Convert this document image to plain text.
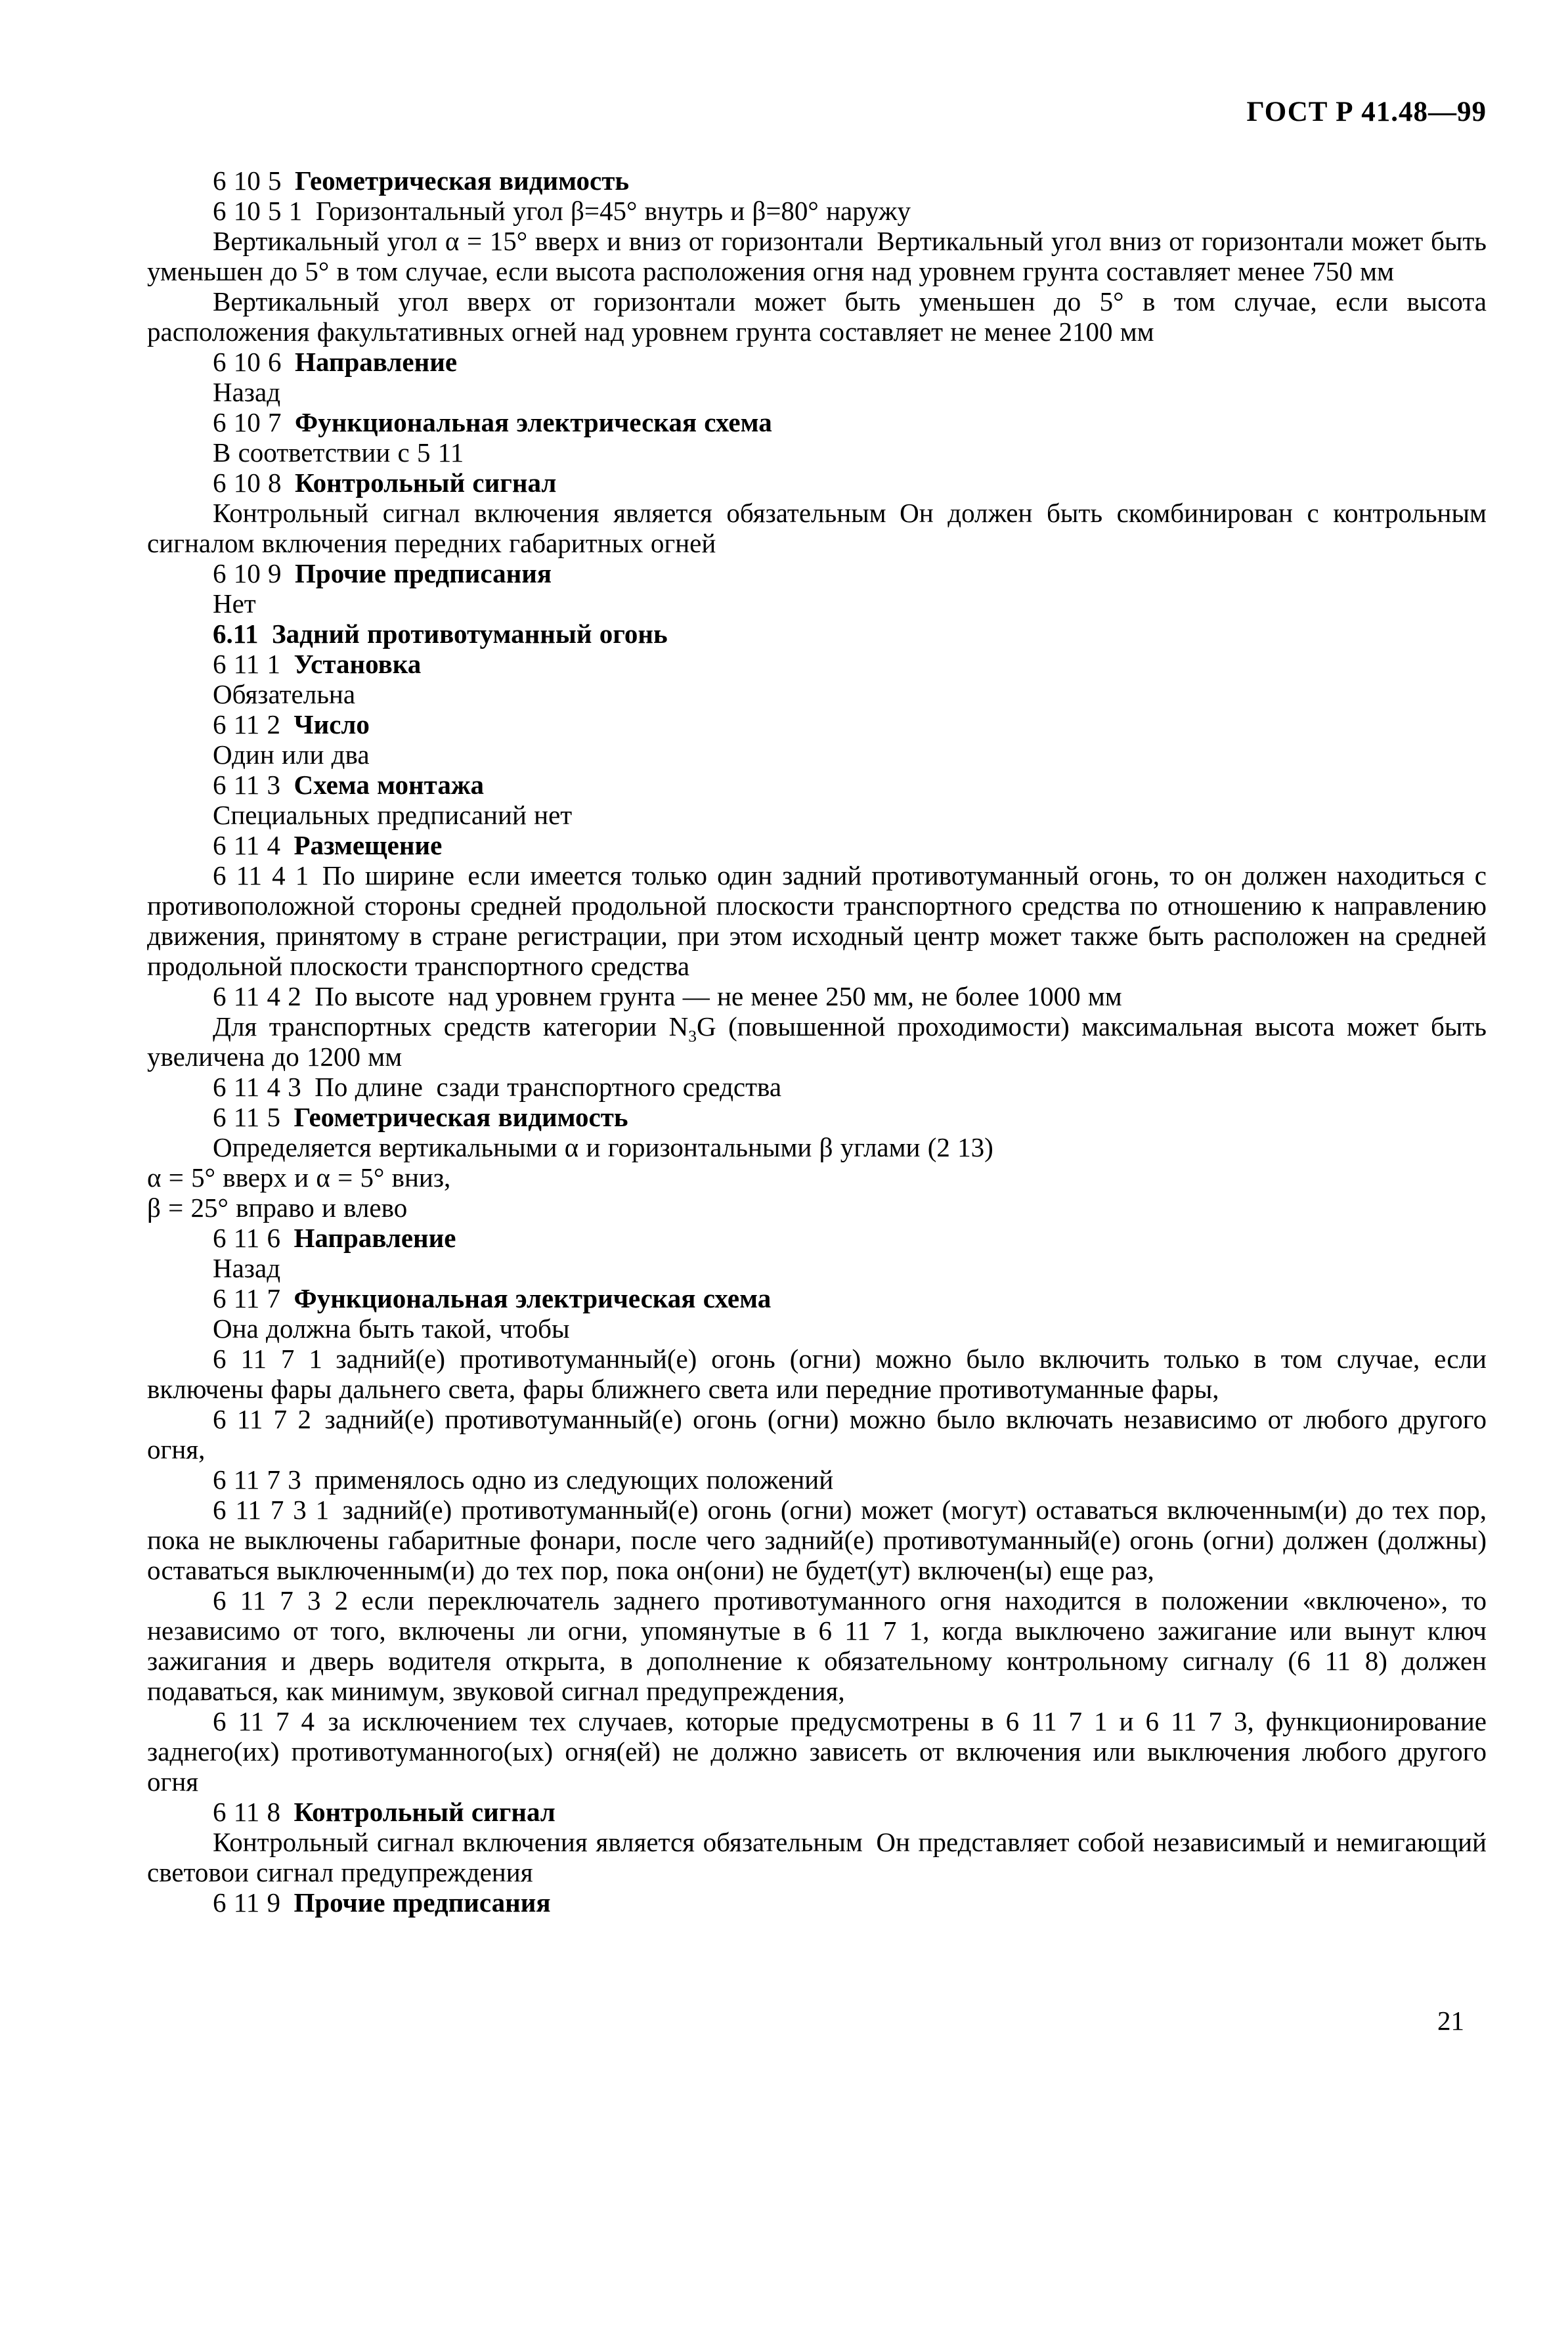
ГОСТ Р 41.48—99

6 10 5 Геометрическая видимость

6 10 5 1 Горизонтальный угол β=45° внутрь и β=80° наружу

Вертикальный угол α = 15° вверх и вниз от горизонтали Вертикальный угол вниз от горизонтали может быть уменьшен до 5° в том случае, если высота расположения огня над уровнем грунта составляет менее 750 мм

Вертикальный угол вверх от горизонтали может быть уменьшен до 5° в том случае, если высота расположения факультативных огней над уровнем грунта составляет не менее 2100 мм

6 10 6 Направление

Назад

6 10 7 Функциональная электрическая схема

В соответствии с 5 11

6 10 8 Контрольный сигнал

Контрольный сигнал включения является обязательным Он должен быть скомбинирован с контрольным сигналом включения передних габаритных огней

6 10 9 Прочие предписания

Нет

6.11 Задний противотуманный огонь

6 11 1 Установка

Обязательна

6 11 2 Число

Один или два

6 11 3 Схема монтажа

Специальных предписаний нет

6 11 4 Размещение

6 11 4 1 По ширине если имеется только один задний противотуманный огонь, то он должен находиться с противоположной стороны средней продольной плоскости транспортного средства по отношению к направлению движения, принятому в стране регистрации, при этом исходный центр может также быть расположен на средней продольной плоскости транспортного средства

6 11 4 2 По высоте над уровнем грунта — не менее 250 мм, не более 1000 мм

Для транспортных средств категории $N_3G$ (повышенной проходимости) максимальная высота может быть увеличена до 1200 мм

6 11 4 3 По длине сзади транспортного средства

6 11 5 Геометрическая видимость

Определяется вертикальными α и горизонтальными β углами (2 13)

α = 5° вверх и α = 5° вниз,

β = 25° вправо и влево

6 11 6 Направление

Назад

6 11 7 Функциональная электрическая схема

Она должна быть такой, чтобы

6 11 7 1 задний(е) противотуманный(е) огонь (огни) можно было включить только в том случае, если включены фары дальнего света, фары ближнего света или передние противотуманные фары,

6 11 7 2 задний(е) противотуманный(е) огонь (огни) можно было включать независимо от любого другого огня,

6 11 7 3 применялось одно из следующих положений

6 11 7 3 1 задний(е) противотуманный(е) огонь (огни) может (могут) оставаться включенным(и) до тех пор, пока не выключены габаритные фонари, после чего задний(е) противотуманный(е) огонь (огни) должен (должны) оставаться выключенным(и) до тех пор, пока он(они) не будет(ут) включен(ы) еще раз,

6 11 7 3 2 если переключатель заднего противотуманного огня находится в положении «включено», то независимо от того, включены ли огни, упомянутые в 6 11 7 1, когда выключено зажигание или вынут ключ зажигания и дверь водителя открыта, в дополнение к обязательному контрольному сигналу (6 11 8) должен подаваться, как минимум, звуковой сигнал предупреждения,

6 11 7 4 за исключением тех случаев, которые предусмотрены в 6 11 7 1 и 6 11 7 3, функционирование заднего(их) противотуманного(ых) огня(ей) не должно зависеть от включения или выключения любого другого огня

6 11 8 Контрольный сигнал

Контрольный сигнал включения является обязательным Он представляет собой независимый и немигающий световои сигнал предупреждения

6 11 9 Прочие предписания

21
